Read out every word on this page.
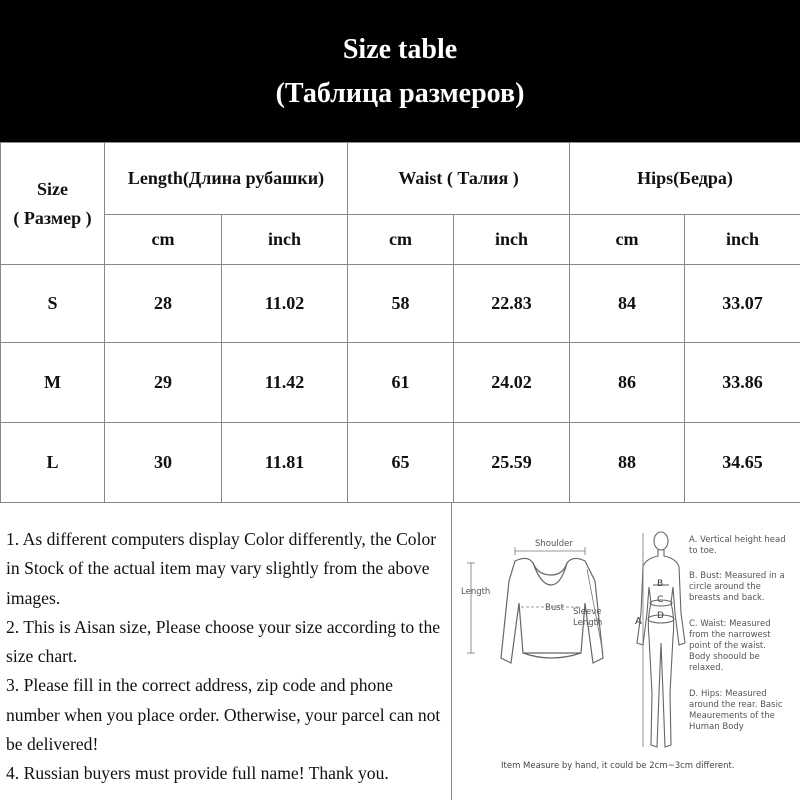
Size table
(Таблица размеров)
Size
( Размер )	Length(Длина рубашки)		Waist ( Талия )		Hips(Бедра)	
	cm	inch	cm	inch	cm	inch
S	28	11.02	58	22.83	84	33.07
M	29	11.42	61	24.02	86	33.86
L	30	11.81	65	25.59	88	34.65

1. As different computers display Color differently, the Color in Stock of the actual item may vary slightly from the above images.

2. This is Aisan size, Please choose your size according to the size chart.

3. Please fill in the correct address, zip code and phone number when you place order. Otherwise, your parcel can not be delivered!

4. Russian buyers must provide full name! Thank you.

Shoulder
Length
Bust Sleeve Length	A
B
C
D
A. Vertical height head to toe.
B. Bust: Measured in a circle around the breasts and back.
C. Waist: Measured from the narrowest point of the waist. Body shoould be relaxed.
D. Hips: Measured around the rear. Basic Meaurements of the Human Body
Item Measure by hand, it could be 2cm~3cm different.
